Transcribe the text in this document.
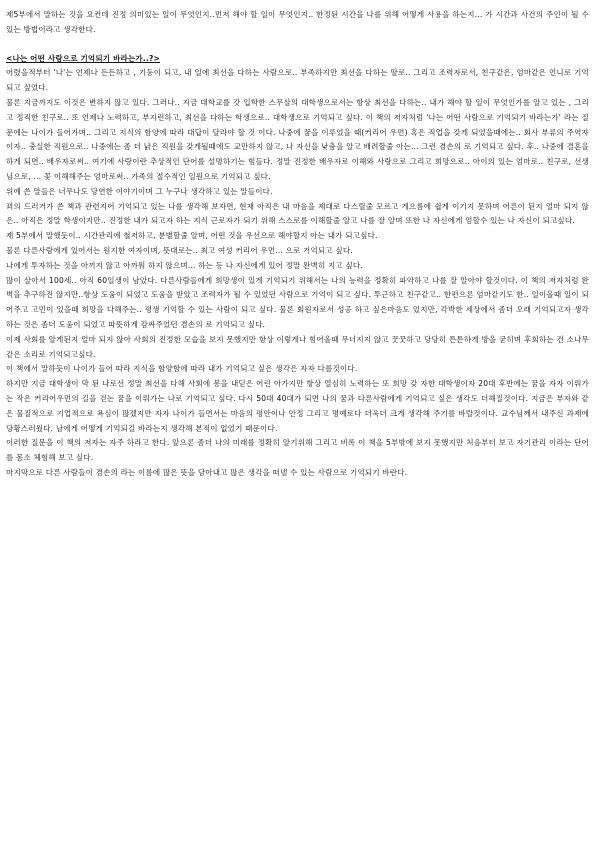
제5부에서 말하는 것을 요컨데 진정 의미있는 일이 무엇인지..먼저 해야 할 일이 무엇인지.. 한정된 시간을 나를 위해 어떻게 사용을 하는지... 가 시간과 사건의 주인이 될 수 있는 방법이라고 생각한다.

<나는 어떤 사람으로 기억되기 바라는가..?>

어렸을적부터 '나'는 언제나 든든하고 , 기둥이 되고, 내 일에 최선을 다하는 사람으로.. 부족하지만 최선을 다하는 딸로.. 그리고 조력자로서, 친구같은, 엄마같은 언니로 기억되고 싶었다.

물론 지금까지도 이것은 변하지 않고 있다. 그러나.. 지금 대학교를 갓 입학한 스무살의 대학생으로서는 항상 최선을 다하는.. 내가 해야 할 일이 무엇인가를 알고 있는 , 그리고 정직한 친구로.. 또 언제나 노력하고, 부지런하고, 최선을 다하는 학생으로.. 대학생으로 기억되고 싶다. 이 책의 저자처럼 '나는 어떤 사람으로 기억되기 바라는가' 라는 질문에는 나이가 들어가며.. 그리고 지식의 함양에 따라 대답이 달라야 할 것 이다. 나중에 꿈을 이루었을 때(커리어 우먼) 혹은 직업을 갖게 되었을때에는.. 회사 부류의 주역자 이자.. 충실한 직원으로.. 나중에는 좀 더 낡은 직원을 갖게될때에도 교만하지 않고, 나 자신을 낮춤을 알고 배려할줄 아는... 그런 겸손의 로 기억되고 싶다. 후.. 나중에 결혼을 하게 되면.. 배우자로써.. 여기에 사랑이란 추상적인 단어를 설명하기는 힘들다. 정말 진정한 배우자로 이해와 사랑으로 그리고 희망으로.. 아이의 있는 엄마로.. 친구로, 선생님으로, ... 꽃 이해해주는 엄마로써.. 가족의 절수적인 일원으로 기억되고 싶다.

위에 쓴 말들은 너무나도 당연한 이야기이며 그 누구나 생각하고 있는 말들이다.

꾀의 드러거가 쓴 책과 관련지어 기억되고 있는 나를 생각해 보자면, 현재 아직은 내 마음을 제대로 다스릴줄 모르고 게으름에 쉽게 이기지 못하며 어른이 된지 얼마 되지 않은.. 아직은 정말 학생이지만.. 진정한 내가 되고자 하는 지식 근로자가 되기 위해 스스로를 이해할줄 알고 나를 잘 알며 또한 나 자신에게 엄할수 있는 나 자신이 되고싶다.

제 5부에서 말했듯이.. 시간관리에 철저하고, 분별할줄 알며, 어떤 것을 우선으로 해야할지 아는 내가 되고싶다.

물론 다른사람에게 있어서는 원지한 여자이며, 뜻대로는.. 최고 여성 커리어 우먼... 으로 기억되고 싶다.

나에게 투자하는 것을 아끼지 않고 아까워 하지 않으며... 하는 등 나 자신에게 있어 정말 완벽히 지고 싶다.

많이 살아서 100세.. 아직 60일생이 남았다. 다른사람들에게 희망생이 있게 기억되기 위해서는 나의 능력을 정확히 파악하고 나를 잘 알아야 할것이다. 이 책의 저자처럼 완벽을 추구하진 않지만..항상 도움이 되었고 도움을 받았고 조력자가 될 수 있었던 사람으로 기억이 되고 싶다. 투근하고 친구같고.. 한편으론 엄마같기도 한.. 일이올때 일이 되어주고 고민이 있을때 희망을 다해주는.. 평생 기억할 수 있는 사람이 되고 싶다. 물론 회원자로서 성공 하고 싶은마음도 있지만, 각박한 세상에서 좀더 오래 기억되고자 생각 하는 것은 좀더 도움이 되었고 따뜻하게 감싸주었던 겸손의 로 기억되고 싶다.

이제 사회를 알게된지 얼마 되지 않아 사회의 진정한 모습을 보지 못했지만 항상 이렇게나 힘어올때 무너지지 않고 꿋꿋하고 당당히 튼튼하게 방을 굳히며 후회하는 건 소나무같은 소리로 기억되고싶다.

이 책에서 말하듯이 나이가 들어 따라 지식을 함양함에 따라 내가 기억되고 싶은 생각은 자자 다를것이다.

하지만 지금 대학생이 막 된 나로선 정말 최선을 다해 사회에 봉을 내딛은 어린 아가지만 항상 열심히 노력하는 또 희망 갖 자한 대학생이자 20대 후반에는 꿈을 자자 이뤄가는 작은 커리어우먼의 길을 걷는 꿈을 이뤄가는 나로 기억되고 싶다. 다시 50대 40대가 되면 나의 꿈과 다른사람에게 기억되고 싶은 생각도 더해질것이다. 지금은 부자와 같은 물질적으로 기업적으로 욕심이 많겠지만 자자 나이가 들면서는 마음의 평안이나 안정 그리고 명예로다 더욱더 크게 생각해 주기를 바랄것이다. 교수님께서 내주신 과제에 당황스러웠다. 남에게 어떻게 기억되길 바라는지 생각해 본적이 없었기 때문이다.

이러한 질문을 이 책의 저자는 자주 하라고 한다. 앞으론 좀더 나의 미래를 정확히 알기위해 그리고 비록 이 책을 5부밖에 보지 못했지만 처음부터 보고 자기관리 이라는 단어를 몸소 체험해 보고 싶다.

마지막으로 다른 사람들이 겸손의 라는 이름에 많은 뜻을 담아내고 많은 생각을 떠낼 수 있는 사람으로 기억되기 바란다.
